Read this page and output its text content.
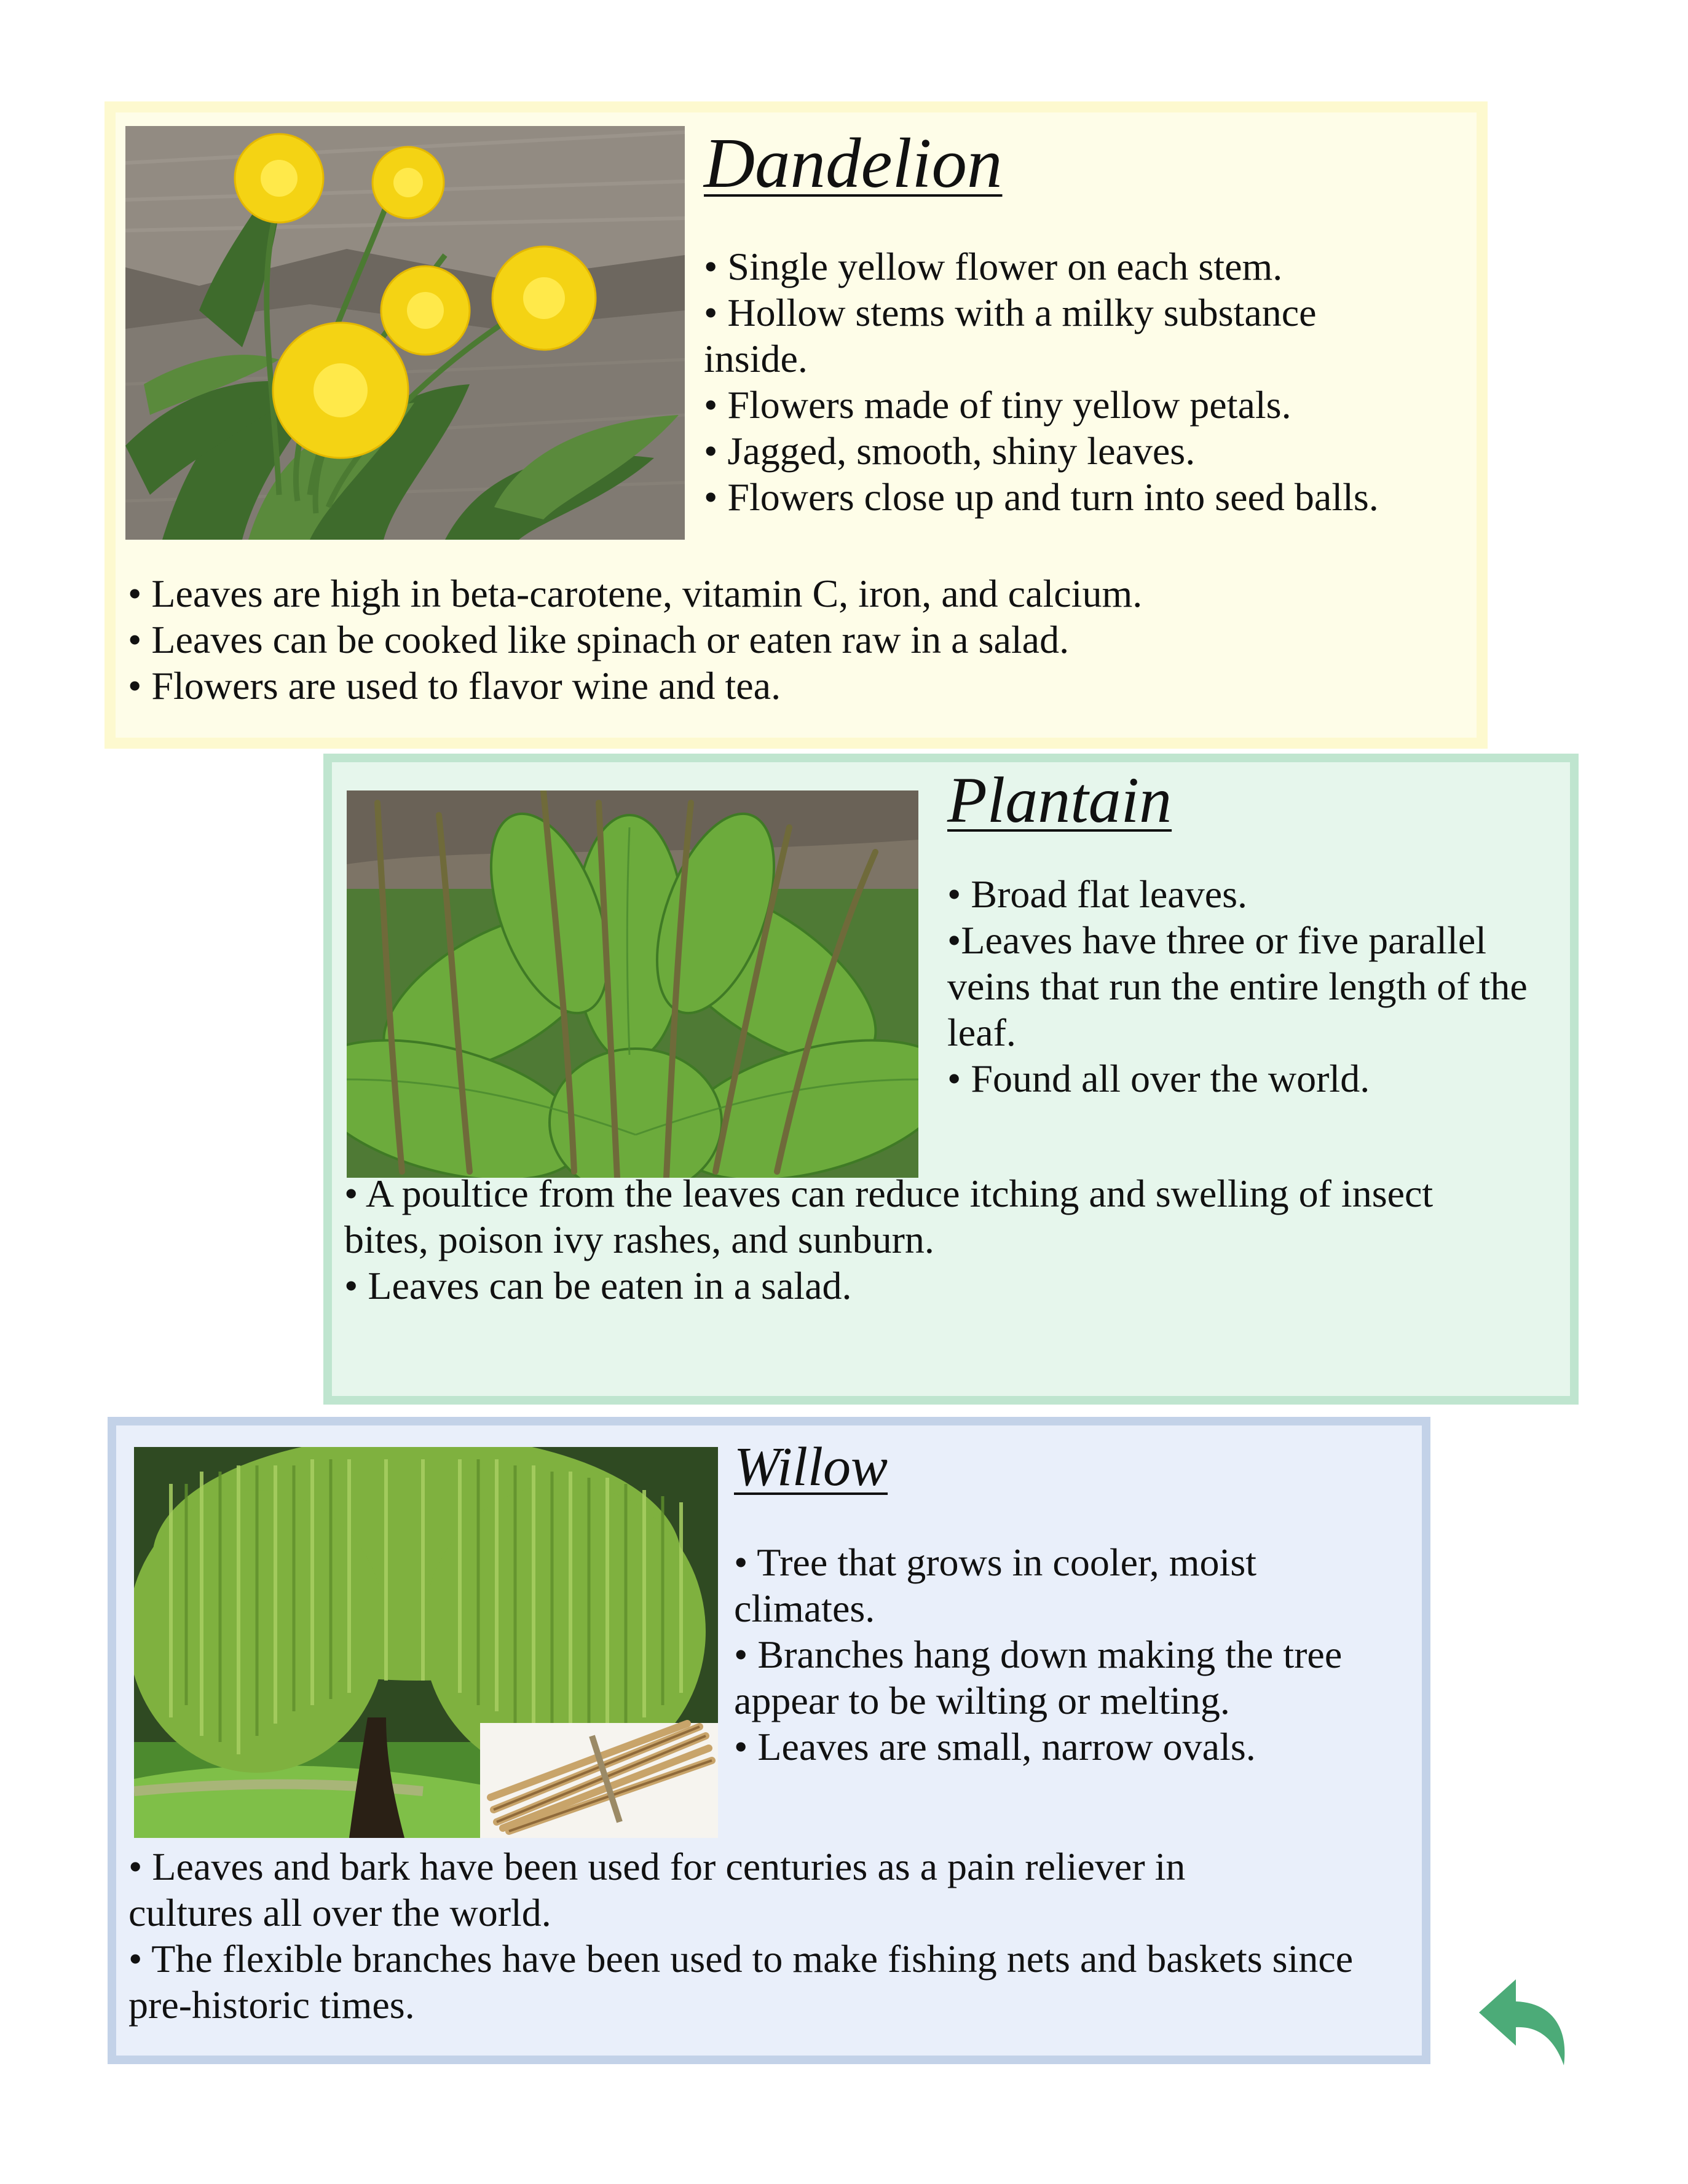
Dandelion

• Single yellow flower on each stem.

• Hollow stems with a milky substance inside.

• Flowers made of tiny yellow petals.

• Jagged, smooth, shiny leaves.

• Flowers close up and turn into seed balls.

• Leaves are high in beta-carotene, vitamin C, iron, and calcium.

• Leaves can be cooked like spinach or eaten raw in a salad.

• Flowers are used to flavor wine and tea.

Plantain

• Broad flat leaves.

•Leaves have three or five parallel veins that run the entire length of the leaf.

• Found all over the world.

• A poultice from the leaves can reduce itching and swelling of insect bites, poison ivy rashes, and sunburn.

• Leaves can be eaten in a salad.

Willow

• Tree that grows in cooler, moist climates.

• Branches hang down making the tree appear to be wilting or melting.

• Leaves are small, narrow ovals.

• Leaves and bark have been used for centuries as a pain reliever in cultures all over the world.

• The flexible branches have been used to make fishing nets and baskets since pre-historic times.
